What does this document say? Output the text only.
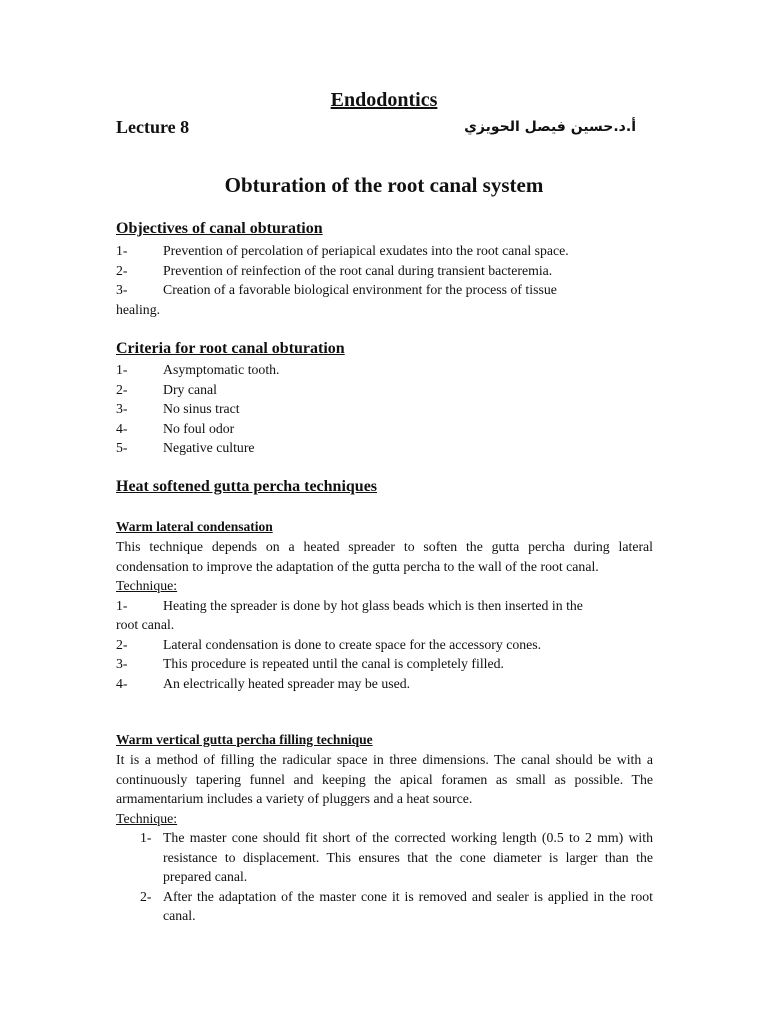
Endodontics
Lecture 8	أ.د.حسين فيصل الحويزي
Obturation of the root canal system
Objectives of canal obturation
1-	Prevention of percolation of periapical exudates into the root canal space.
2-	Prevention of reinfection of the root canal during transient bacteremia.
3-	Creation of a favorable biological environment for the process of tissue
healing.
Criteria for root canal obturation
1-	Asymptomatic tooth.
2-	Dry canal
3-	No sinus tract
4-	No foul odor
5-	Negative culture
Heat softened gutta percha techniques
Warm lateral condensation
This technique depends on a heated spreader to soften the gutta percha during lateral condensation to improve the adaptation of the gutta percha to the wall of the root canal.
Technique:
1-	Heating the spreader is done by hot glass beads which is then inserted in the
root canal.
2-	Lateral condensation is done to create space for the accessory cones.
3-	This procedure is repeated until the canal is completely filled.
4-	An electrically heated spreader may be used.
Warm vertical gutta percha filling technique
It is a method of filling the radicular space in three dimensions. The canal should be with a continuously tapering funnel and keeping the apical foramen as small as possible. The armamentarium includes a variety of pluggers and a heat source.
Technique:
1- The master cone should fit short of the corrected working length (0.5 to 2 mm) with resistance to displacement. This ensures that the cone diameter is larger than the prepared canal.
2- After the adaptation of the master cone it is removed and sealer is applied in the root canal.
